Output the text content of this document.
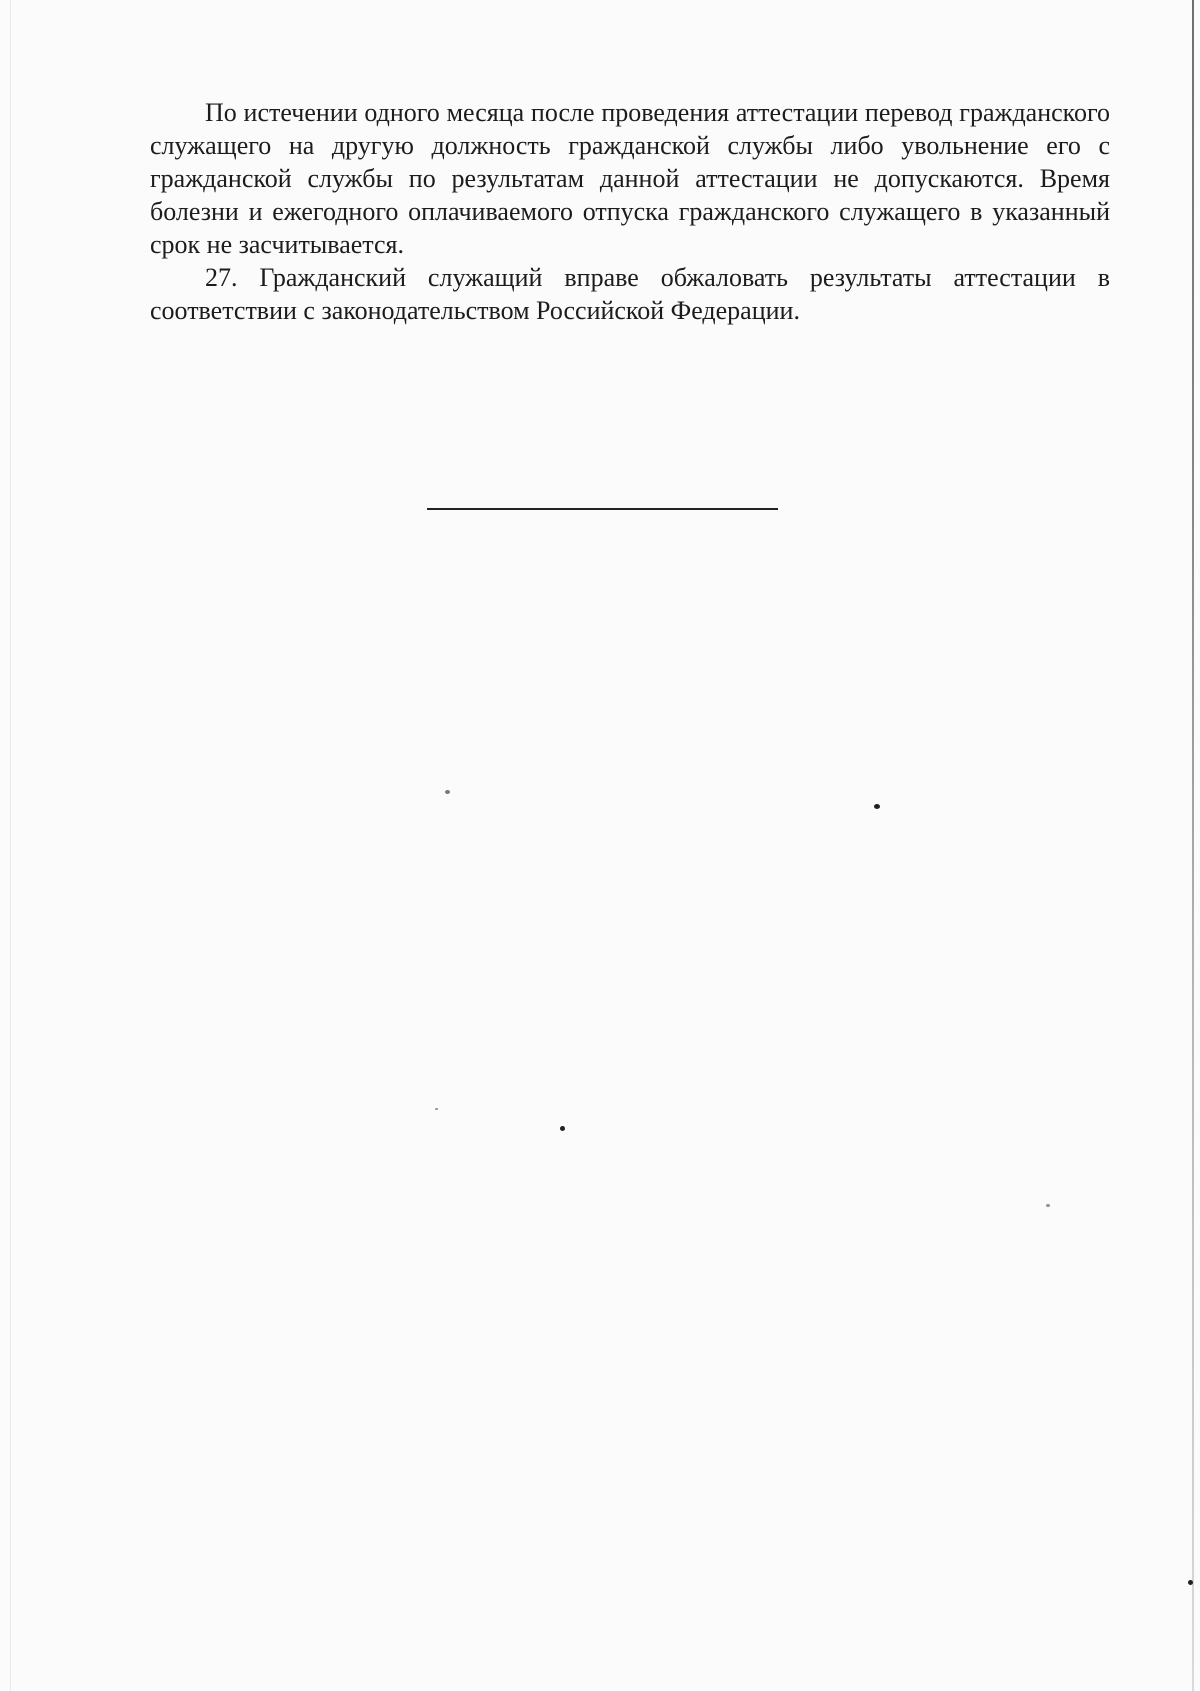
По истечении одного месяца после проведения аттестации перевод гражданского служащего на другую должность гражданской службы либо увольнение его с гражданской службы по результатам данной аттестации не допускаются. Время болезни и ежегодного оплачиваемого отпуска гражданского служащего в указанный срок не засчитывается.

27. Гражданский служащий вправе обжаловать результаты аттестации в соответствии с законодательством Российской Федерации.
